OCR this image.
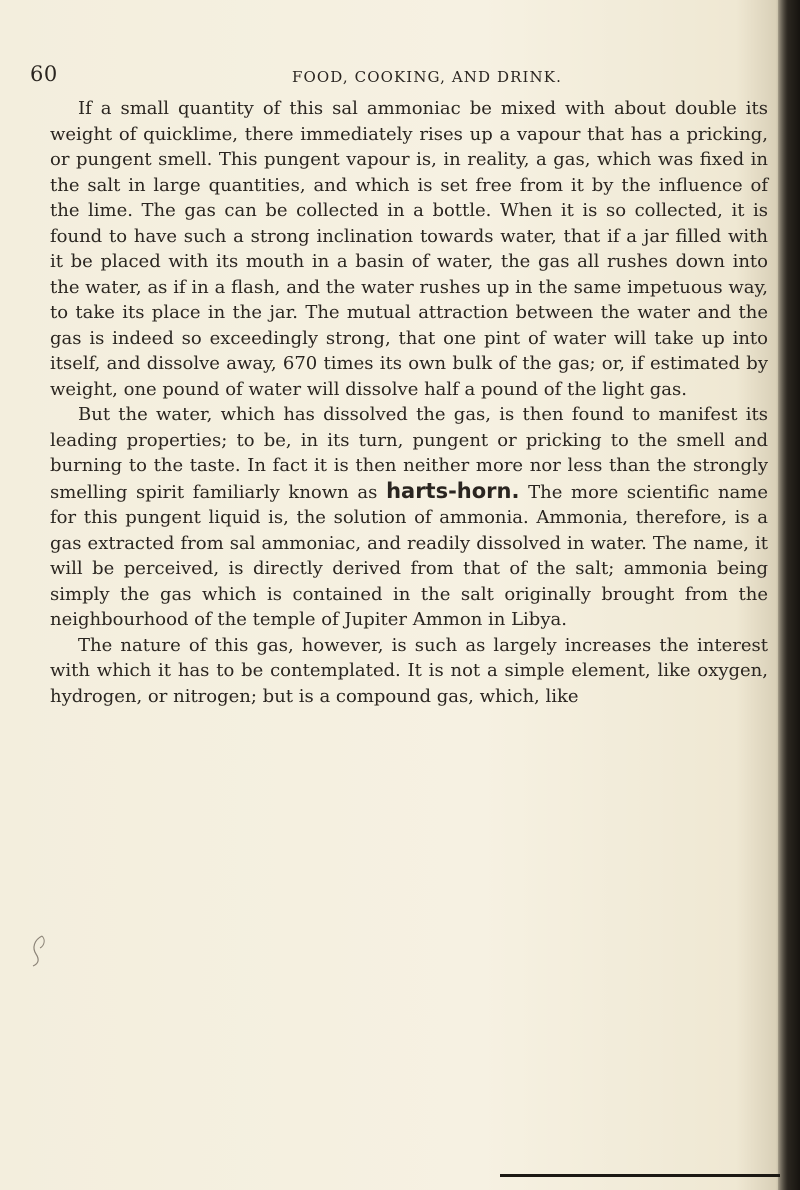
60	FOOD, COOKING, AND DRINK.

If a small quantity of this sal ammoniac be mixed with about double its weight of quicklime, there immediately rises up a vapour that has a pricking, or pungent smell. This pungent vapour is, in reality, a gas, which was fixed in the salt in large quantities, and which is set free from it by the influence of the lime. The gas can be collected in a bottle. When it is so collected, it is found to have such a strong inclination towards water, that if a jar filled with it be placed with its mouth in a basin of water, the gas all rushes down into the water, as if in a flash, and the water rushes up in the same impetuous way, to take its place in the jar. The mutual attraction between the water and the gas is indeed so exceedingly strong, that one pint of water will take up into itself, and dissolve away, 670 times its own bulk of the gas; or, if estimated by weight, one pound of water will dissolve half a pound of the light gas.

But the water, which has dissolved the gas, is then found to manifest its leading properties; to be, in its turn, pungent or pricking to the smell and burning to the taste. In fact it is then neither more nor less than the strongly smelling spirit familiarly known as harts-horn. The more scientific name for this pungent liquid is, the solution of ammonia. Ammonia, therefore, is a gas extracted from sal ammoniac, and readily dissolved in water. The name, it will be perceived, is directly derived from that of the salt; ammonia being simply the gas which is contained in the salt originally brought from the neighbourhood of the temple of Jupiter Ammon in Libya.

The nature of this gas, however, is such as largely increases the interest with which it has to be contemplated. It is not a simple element, like oxygen, hydrogen, or nitrogen; but is a compound gas, which, like
